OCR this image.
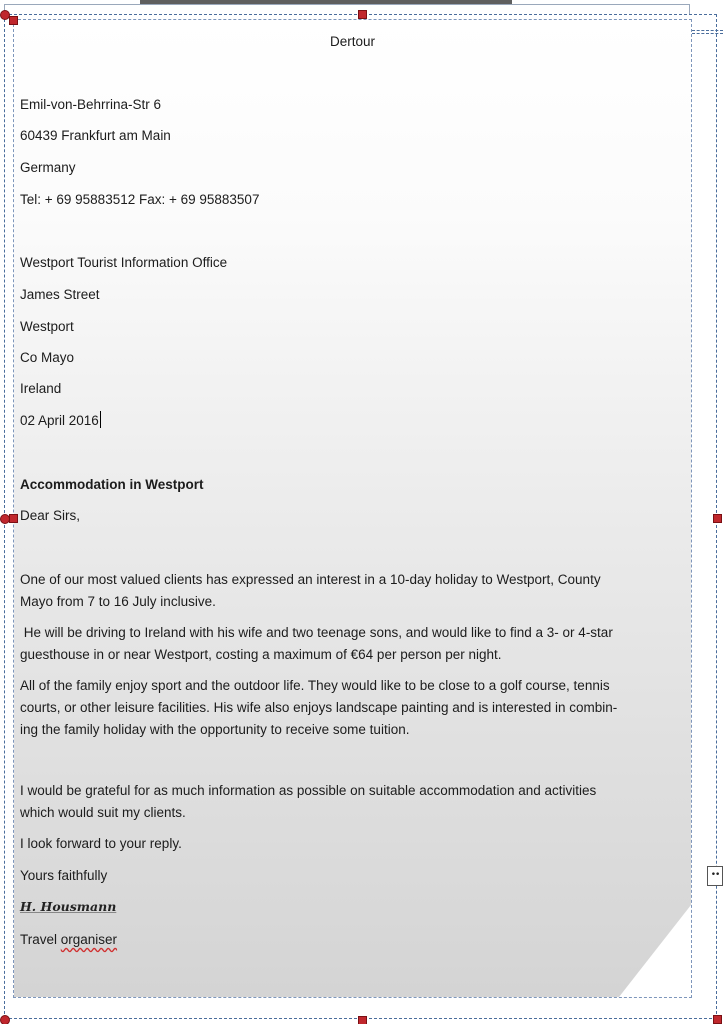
••
Dertour
Emil-von-Behrrina-Str 6
60439 Frankfurt am Main
Germany
Tel: + 69 95883512 Fax: + 69 95883507
Westport Tourist Information Office
James Street
Westport
Co Mayo
Ireland
02 April 2016
Accommodation in Westport
Dear Sirs,
One of our most valued clients has expressed an interest in a 10-day holiday to Westport, County
Mayo from 7 to 16 July inclusive.
He will be driving to Ireland with his wife and two teenage sons, and would like to find a 3- or 4-star
guesthouse in or near Westport, costing a maximum of €64 per person per night.
All of the family enjoy sport and the outdoor life. They would like to be close to a golf course, tennis
courts, or other leisure facilities. His wife also enjoys landscape painting and is interested in combin-
ing the family holiday with the opportunity to receive some tuition.
I would be grateful for as much information as possible on suitable accommodation and activities
which would suit my clients.
I look forward to your reply.
Yours faithfully
H. Housmann
Travel organiser
